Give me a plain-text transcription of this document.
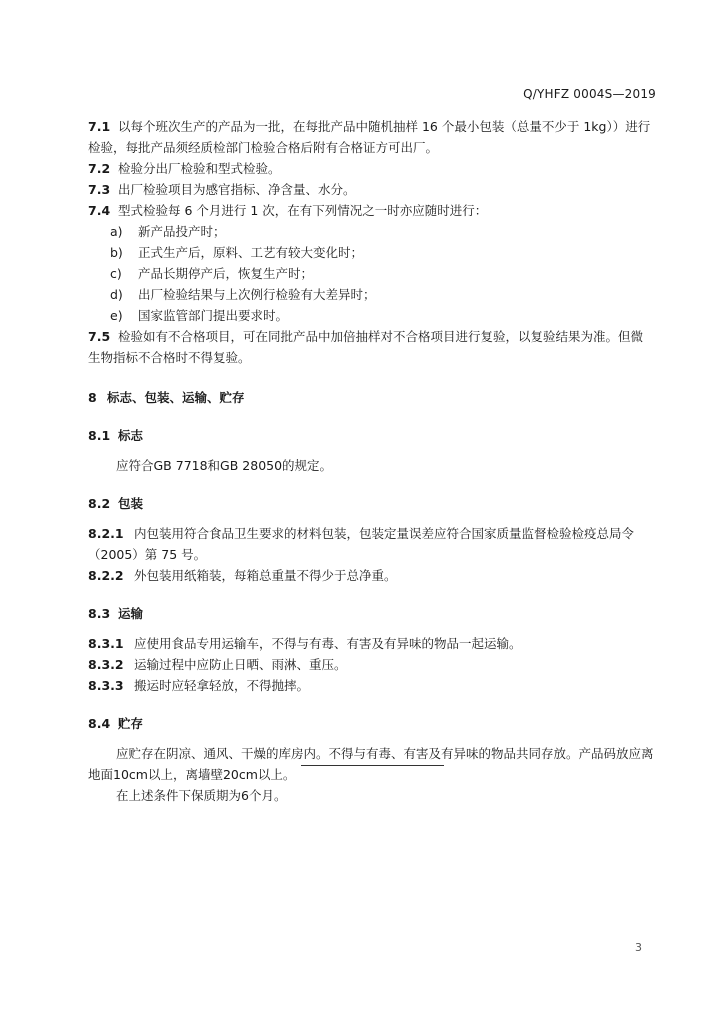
Q/YHFZ 0004S—2019
7.1 以每个班次生产的产品为一批，在每批产品中随机抽样 16 个最小包装（总量不少于 1kg））进行
检验，每批产品须经质检部门检验合格后附有合格证方可出厂。
7.2 检验分出厂检验和型式检验。
7.3 出厂检验项目为感官指标、净含量、水分。
7.4 型式检验每 6 个月进行 1 次，在有下列情况之一时亦应随时进行：
a) 新产品投产时；
b) 正式生产后，原料、工艺有较大变化时；
c) 产品长期停产后，恢复生产时；
d) 出厂检验结果与上次例行检验有大差异时；
e) 国家监管部门提出要求时。
7.5 检验如有不合格项目，可在同批产品中加倍抽样对不合格项目进行复验，以复验结果为准。但微
生物指标不合格时不得复验。
8 标志、包装、运输、贮存
8.1 标志
应符合GB 7718和GB 28050的规定。
8.2 包装
8.2.1 内包装用符合食品卫生要求的材料包装，包装定量误差应符合国家质量监督检验检疫总局令
（2005）第 75 号。
8.2.2 外包装用纸箱装，每箱总重量不得少于总净重。
8.3 运输
8.3.1 应使用食品专用运输车，不得与有毒、有害及有异味的物品一起运输。
8.3.2 运输过程中应防止日晒、雨淋、重压。
8.3.3 搬运时应轻拿轻放，不得抛摔。
8.4 贮存
应贮存在阴凉、通风、干燥的库房内。不得与有毒、有害及有异味的物品共同存放。产品码放应离
地面10cm以上，离墙壁20cm以上。
在上述条件下保质期为6个月。
3
